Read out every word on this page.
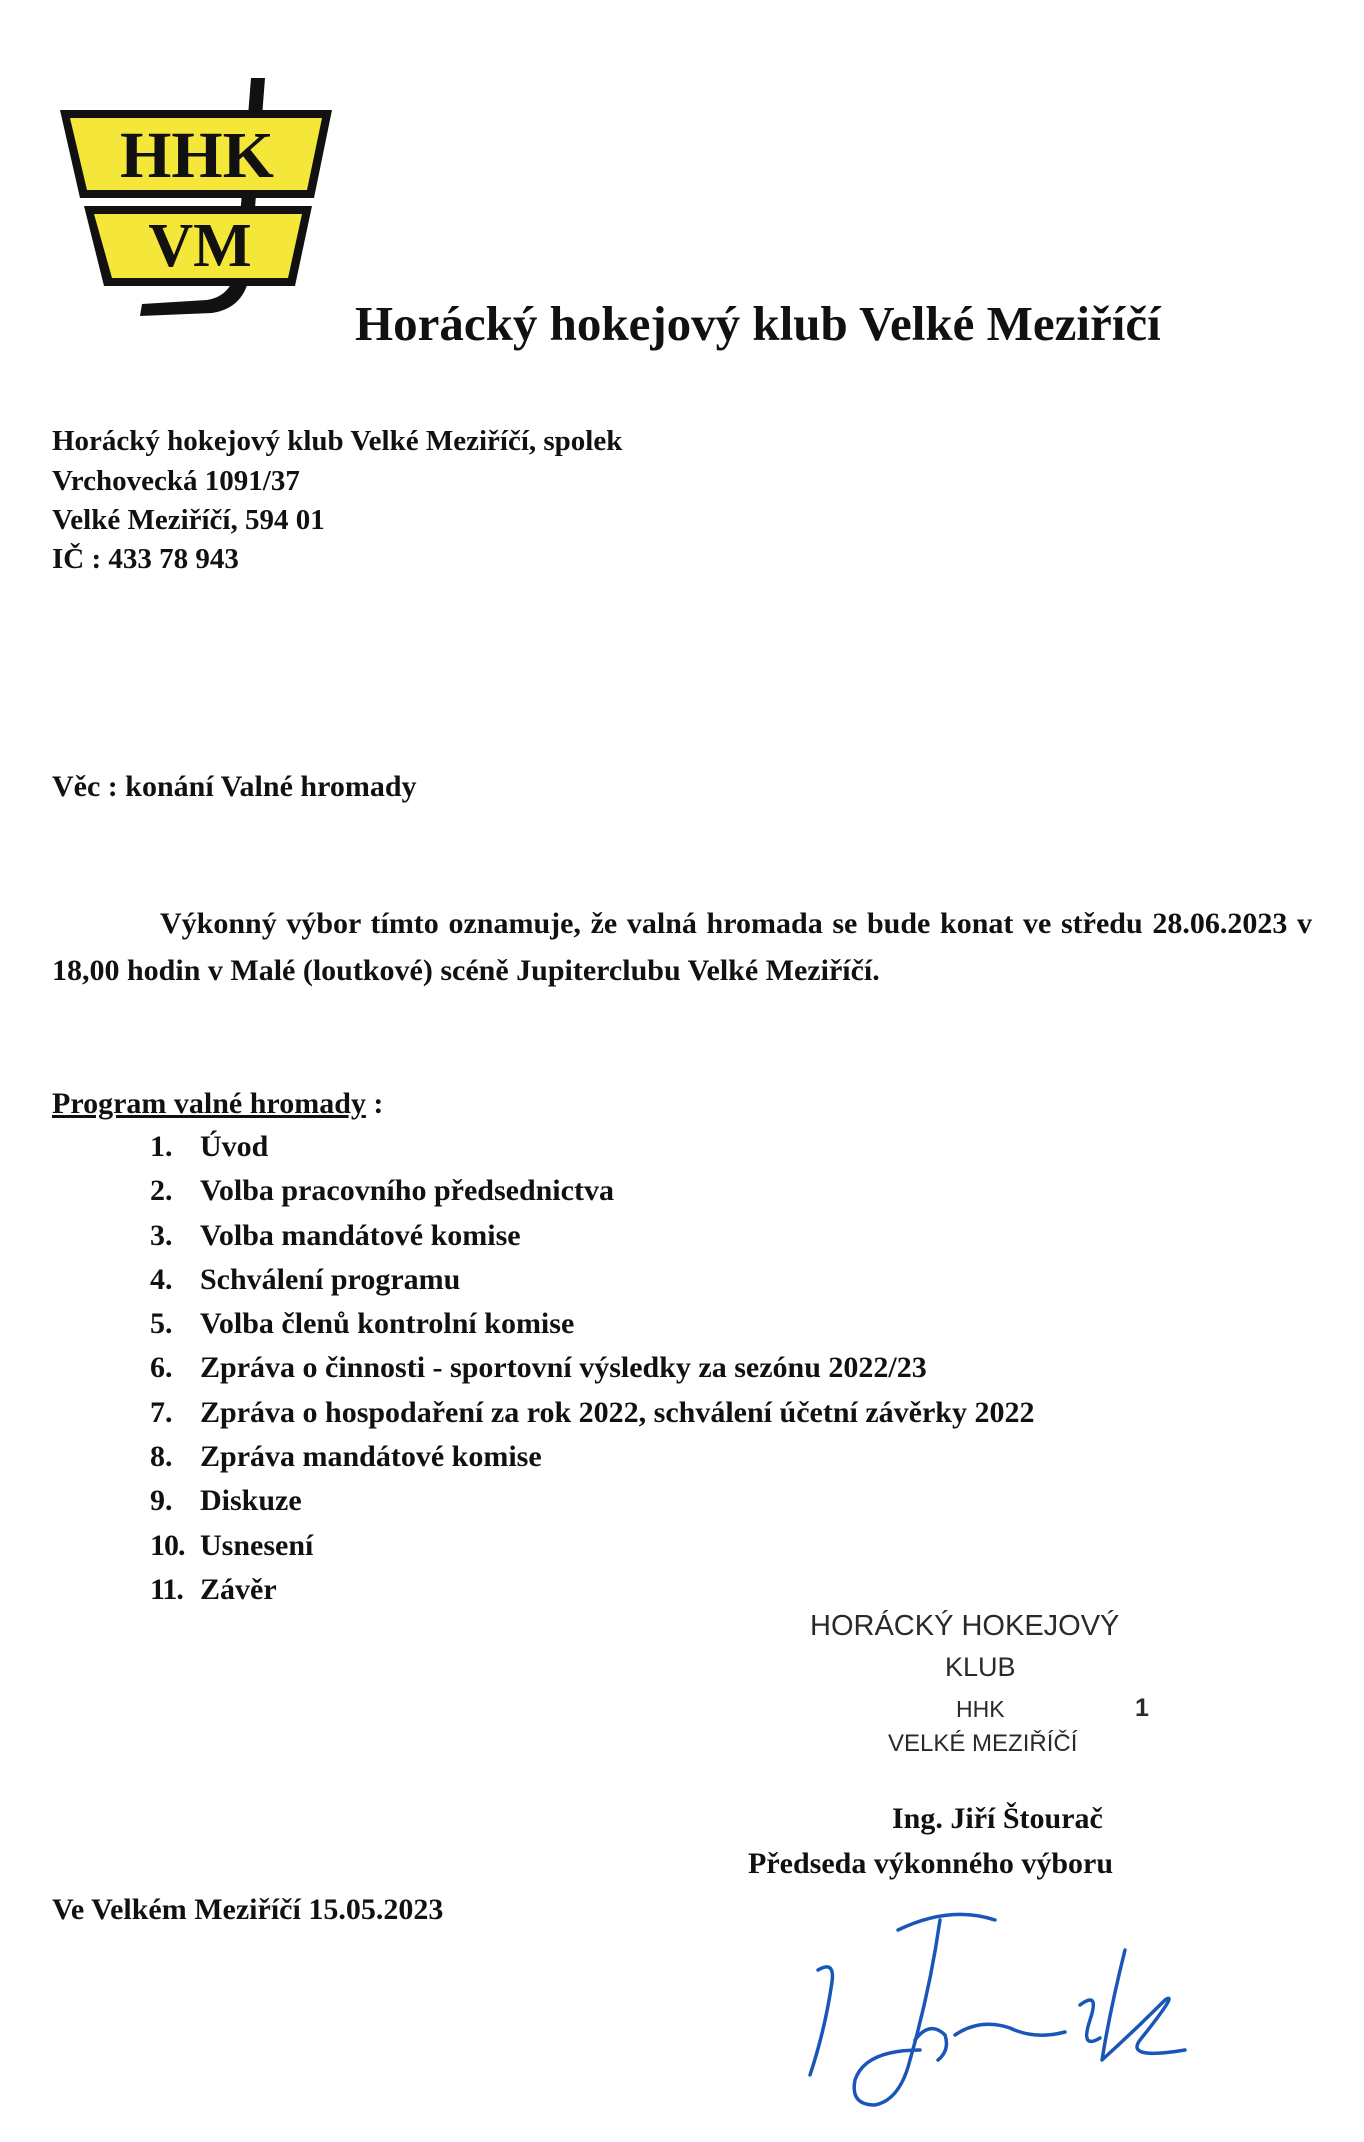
HHK
VM
Horácký hokejový klub Velké Meziříčí
Horácký hokejový klub Velké Meziříčí, spolek
Vrchovecká 1091/37
Velké Meziříčí, 594 01
IČ : 433 78 943
Věc : konání Valné hromady

Výkonný výbor tímto oznamuje, že valná hromada se bude konat ve středu 28.06.2023 v 18,00 hodin v Malé (loutkové) scéně Jupiterclubu Velké Meziříčí.

Program valné hromady :
1. Úvod
2. Volba pracovního předsednictva
3. Volba mandátové komise
4. Schválení programu
5. Volba členů kontrolní komise
6. Zpráva o činnosti - sportovní výsledky za sezónu 2022/23
7. Zpráva o hospodaření za rok 2022, schválení účetní závěrky 2022
8. Zpráva mandátové komise
9. Diskuze
10. Usnesení
11. Závěr
HORÁCKÝ HOKEJOVÝ
KLUB
HHK	1
VELKÉ MEZIŘÍČÍ
Ing. Jiří Štourač
Předseda výkonného výboru
Ve Velkém Meziříčí 15.05.2023
